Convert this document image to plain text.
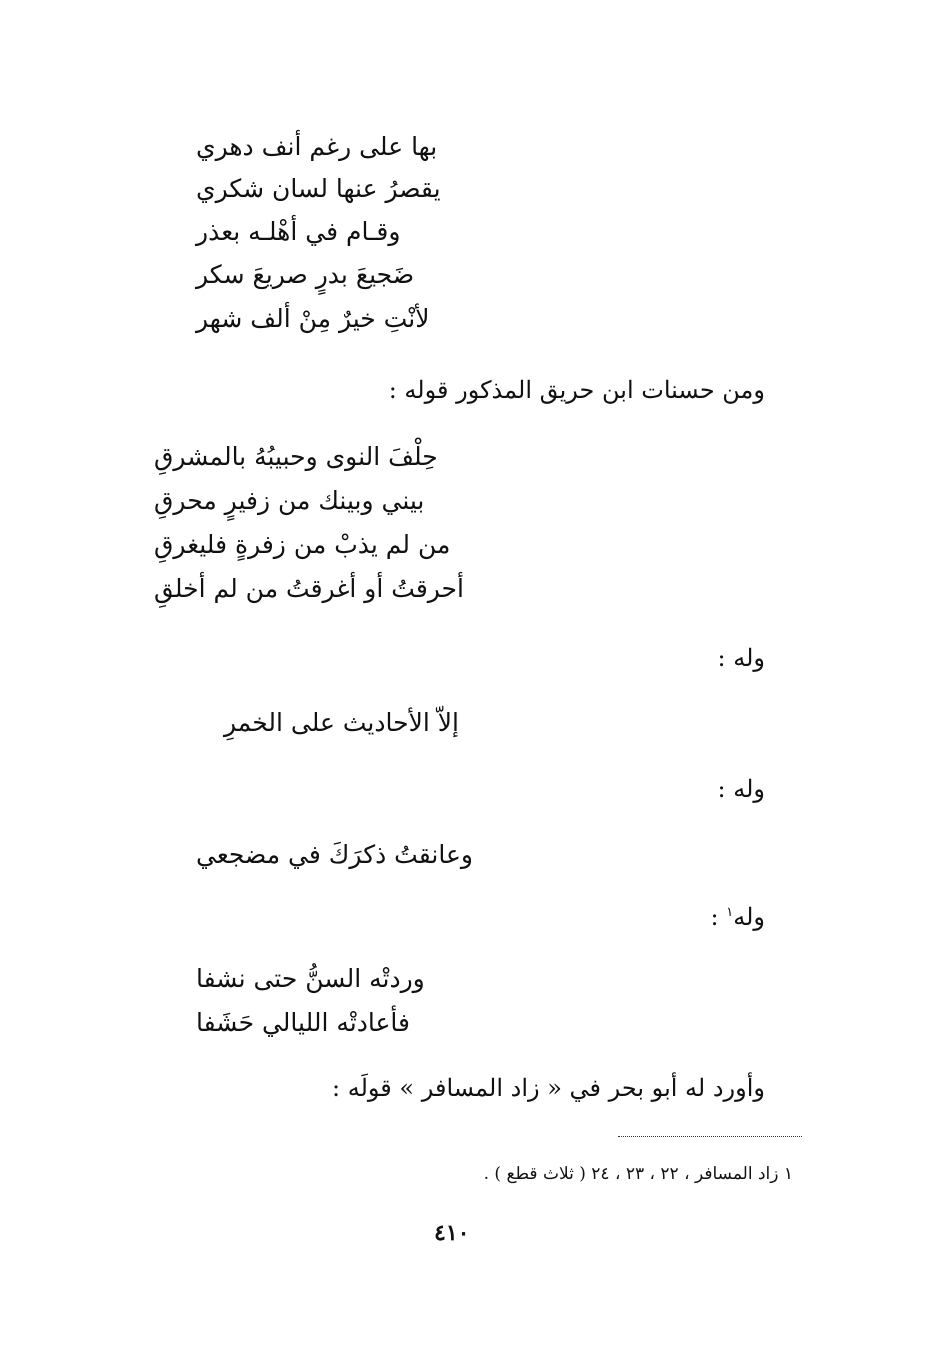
بها على رغم أنف دهري
يقصرُ عنها لسان شكري
وقـام في أهْلـه بعذر
ضَجيعَ بدرٍ صريعَ سكر
لأنْتِ خيرٌ مِنْ ألف شهر
ومن حسنات ابن حريق المذكور قوله :
حِلْفَ النوى وحبيبُهُ بالمشرقِ
بيني وبينك من زفيرٍ محرقِ
من لم يذبْ من زفرةٍ فليغرقِ
أحرقتُ أو أغرقتُ من لم أخلقِ
وله :
إلاّ الأحاديث على الخمرِ
وله :
وعانقتُ ذكرَكَ في مضجعي
وله$^١$ :
وردتْه السنُّ حتى نشفا
فأعادتْه الليالي حَشَفا
وأورد له أبو بحر في « زاد المسافر » قولَه :
١ زاد المسافر ، ٢٢ ، ٢٣ ، ٢٤ ( ثلاث قطع ) .
٤١٠
